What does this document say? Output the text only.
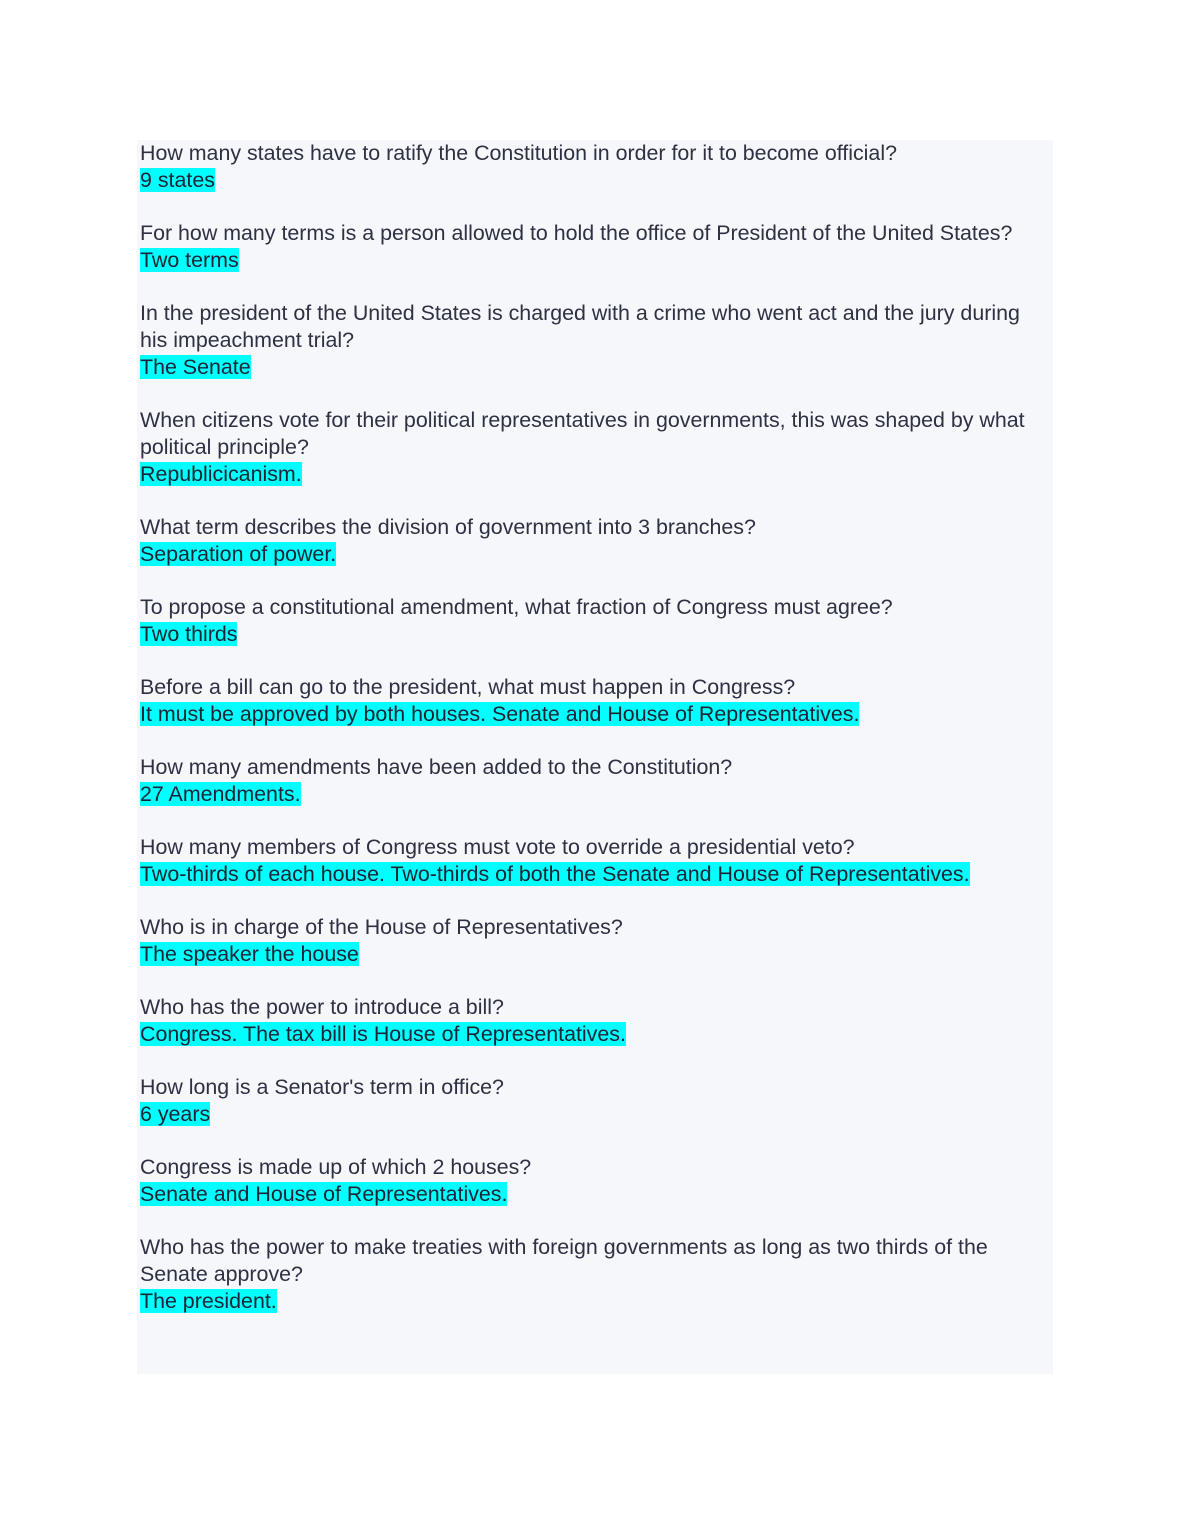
How many states have to ratify the Constitution in order for it to become official?

9 states

For how many terms is a person allowed to hold the office of President of the United States?

Two terms

In the president of the United States is charged with a crime who went act and the jury during his impeachment trial?

The Senate

When citizens vote for their political representatives in governments, this was shaped by what political principle?

Republicicanism.

What term describes the division of government into 3 branches?

Separation of power.

To propose a constitutional amendment, what fraction of Congress must agree?

Two thirds

Before a bill can go to the president, what must happen in Congress?

It must be approved by both houses. Senate and House of Representatives.

How many amendments have been added to the Constitution?

27 Amendments.

How many members of Congress must vote to override a presidential veto?

Two-thirds of each house. Two-thirds of both the Senate and House of Representatives.

Who is in charge of the House of Representatives?

The speaker the house

Who has the power to introduce a bill?

Congress. The tax bill is House of Representatives.

How long is a Senator's term in office?

6 years

Congress is made up of which 2 houses?

Senate and House of Representatives.

Who has the power to make treaties with foreign governments as long as two thirds of the Senate approve?

The president.
